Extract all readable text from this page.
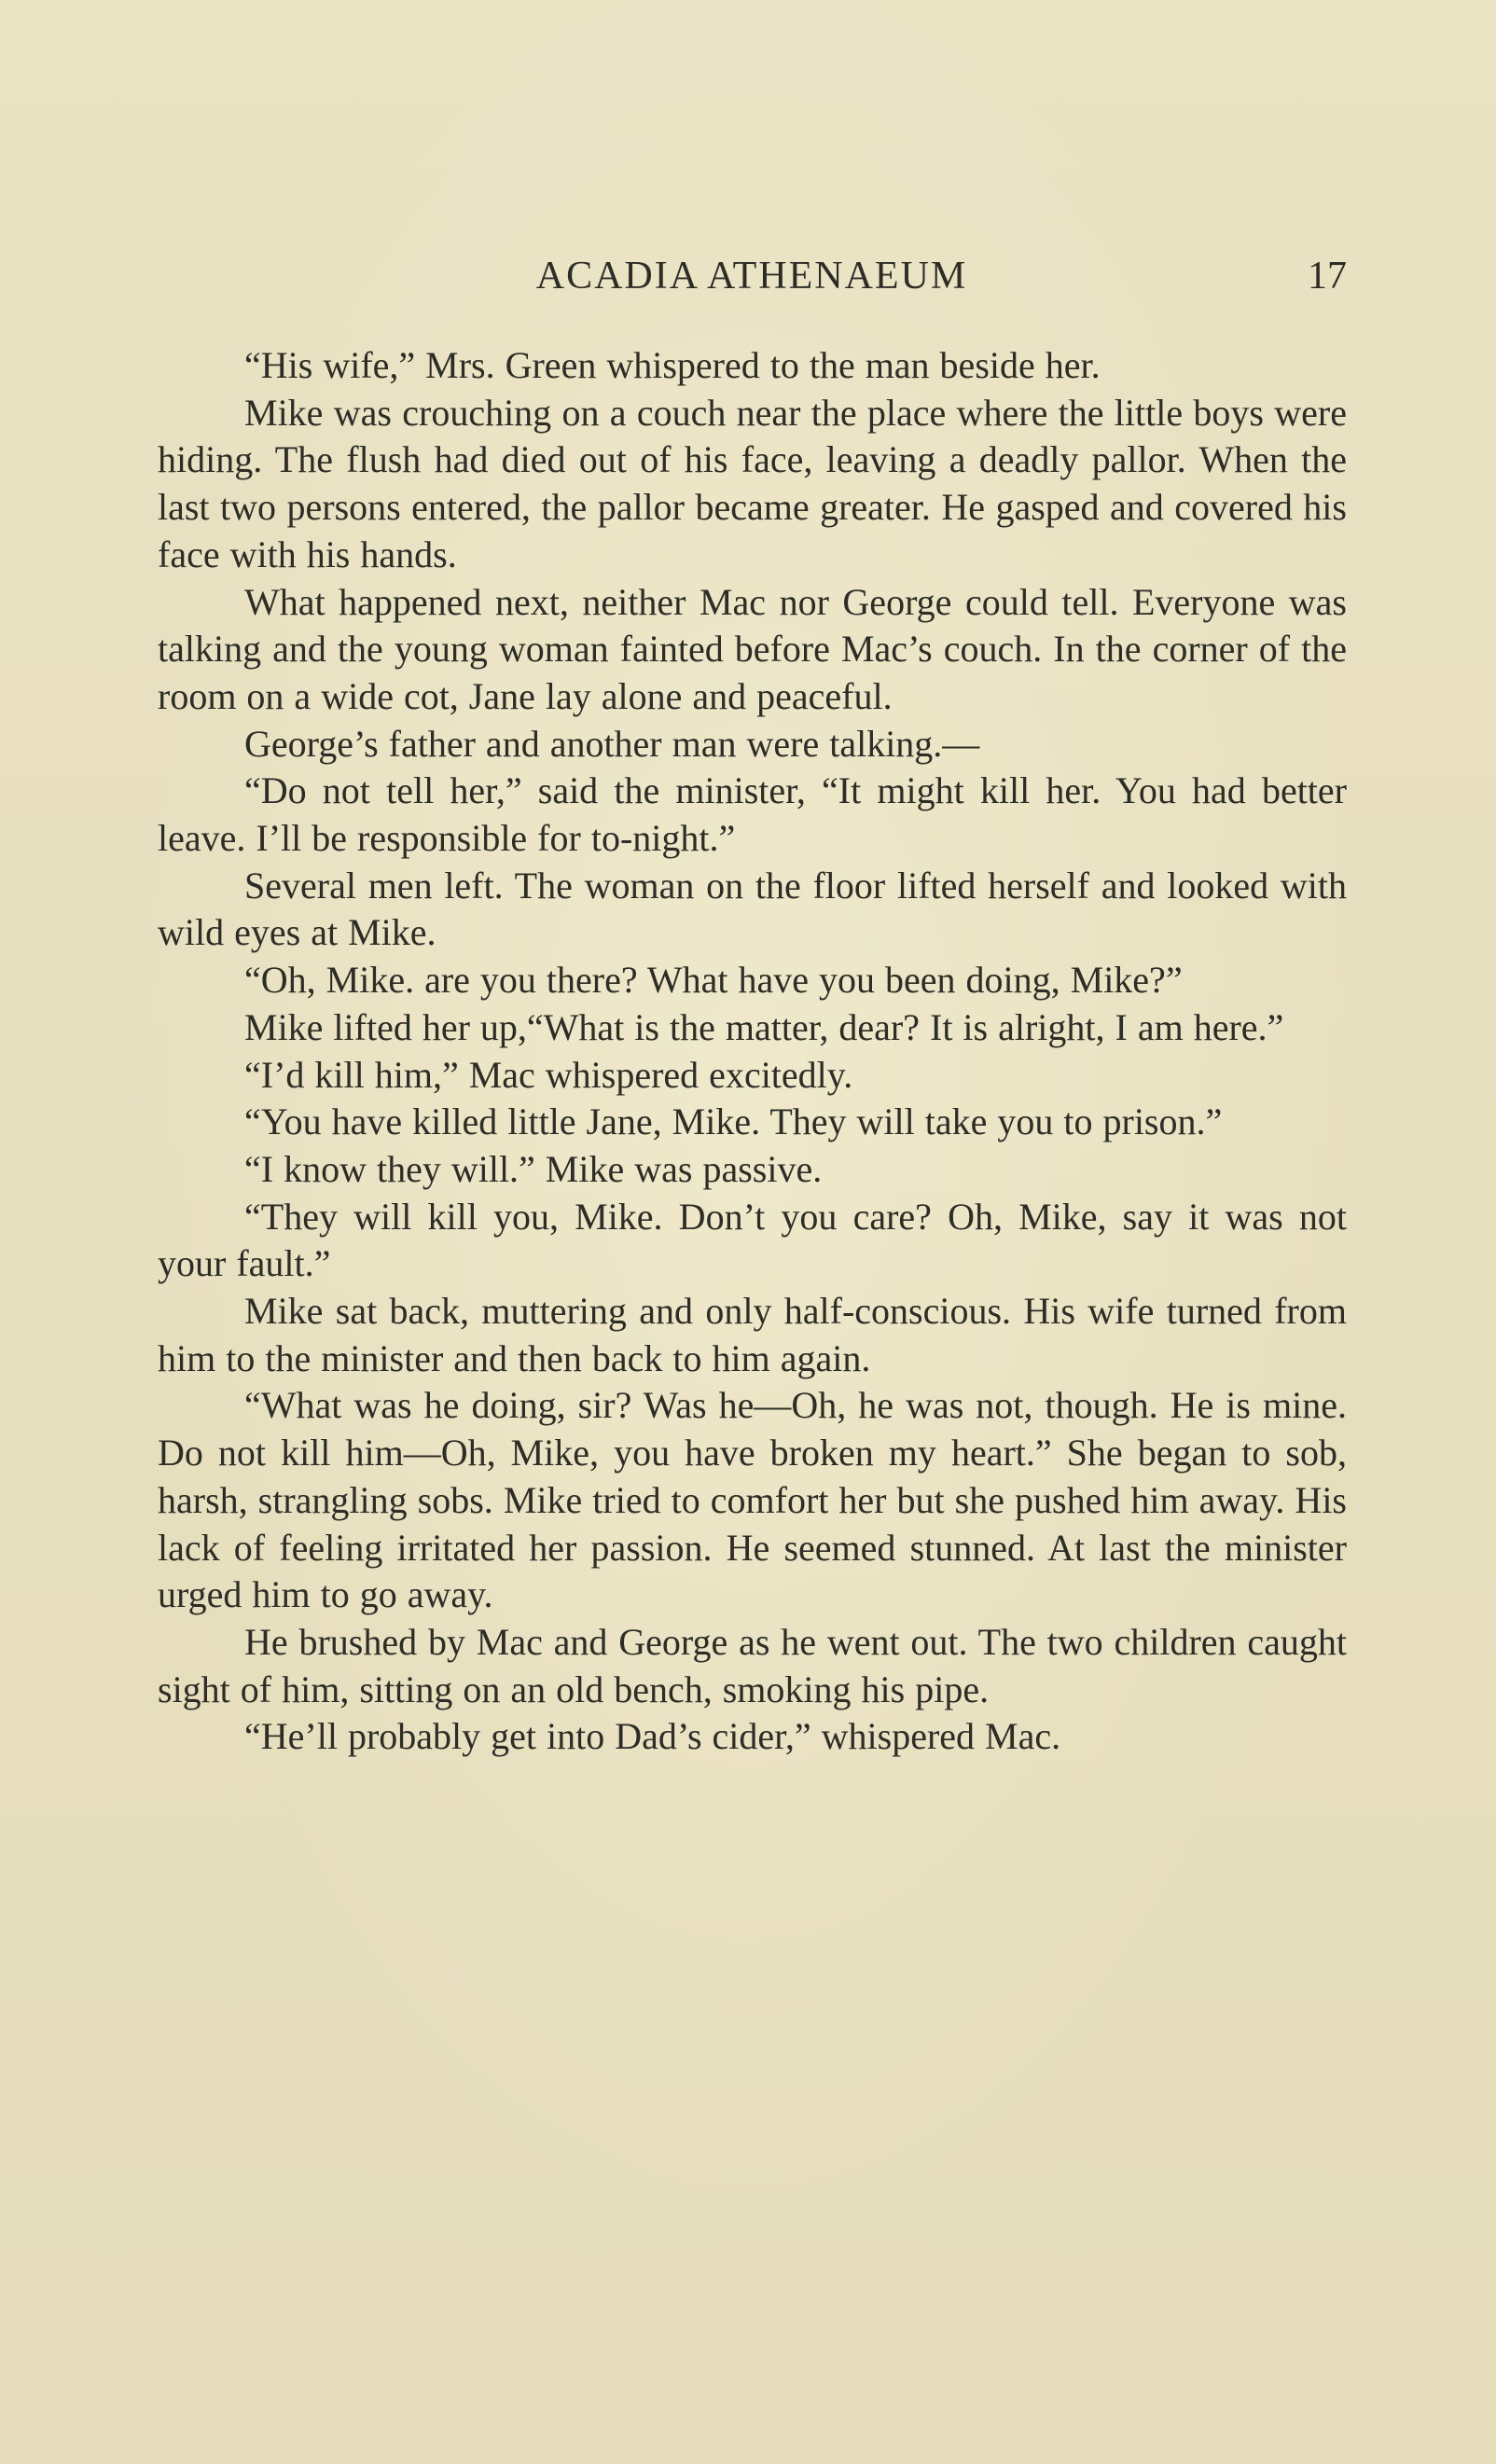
ACADIA ATHENAEUM	17

“His wife,” Mrs. Green whispered to the man beside her.

Mike was crouching on a couch near the place where the little boys were hiding. The flush had died out of his face, leaving a deadly pallor. When the last two persons entered, the pallor became greater. He gasped and covered his face with his hands.

What happened next, neither Mac nor George could tell. Everyone was talking and the young woman fainted before Mac’s couch. In the corner of the room on a wide cot, Jane lay alone and peaceful.

George’s father and another man were talking.—

“Do not tell her,” said the minister, “It might kill her. You had better leave. I’ll be responsible for to-night.”

Several men left. The woman on the floor lifted herself and looked with wild eyes at Mike.

“Oh, Mike. are you there? What have you been doing, Mike?”

Mike lifted her up,“What is the matter, dear? It is alright, I am here.”

“I’d kill him,” Mac whispered excitedly.

“You have killed little Jane, Mike. They will take you to prison.”

“I know they will.” Mike was passive.

“They will kill you, Mike. Don’t you care? Oh, Mike, say it was not your fault.”

Mike sat back, muttering and only half-conscious. His wife turned from him to the minister and then back to him again.

“What was he doing, sir? Was he—Oh, he was not, though. He is mine. Do not kill him—Oh, Mike, you have broken my heart.” She began to sob, harsh, strangling sobs. Mike tried to comfort her but she pushed him away. His lack of feeling irritated her passion. He seemed stunned. At last the minister urged him to go away.

He brushed by Mac and George as he went out. The two children caught sight of him, sitting on an old bench, smoking his pipe.

“He’ll probably get into Dad’s cider,” whispered Mac.
